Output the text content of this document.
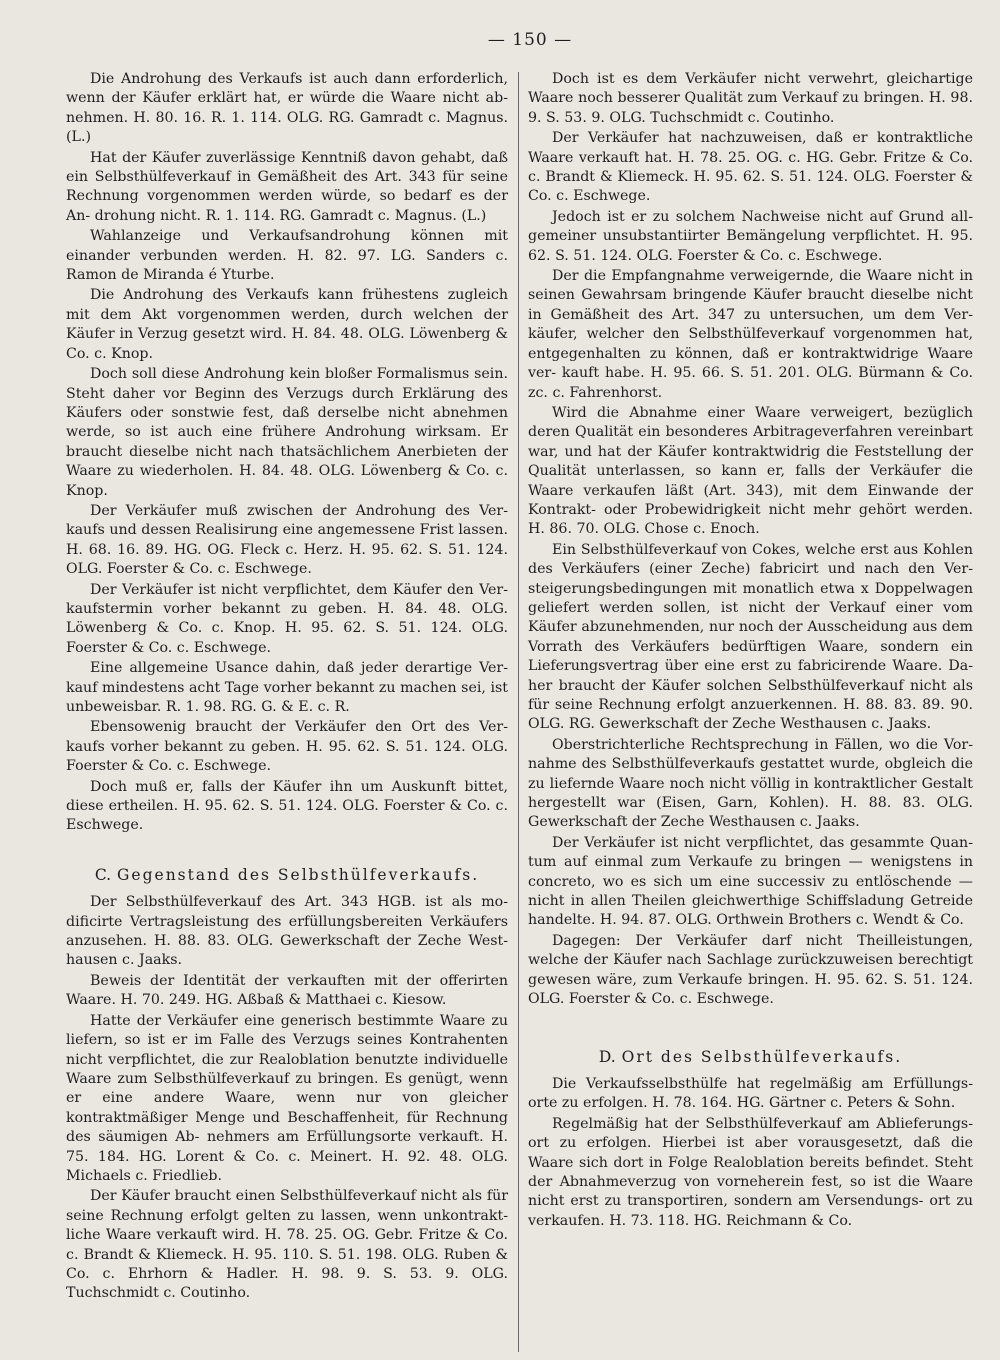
— 150 —

Die Androhung des Verkaufs ist auch dann erforderlich, wenn der Käufer erklärt hat, er würde die Waare nicht ab- nehmen. H. 80. 16. R. 1. 114. OLG. RG. Gamradt c. Magnus. (L.)

Hat der Käufer zuverlässige Kenntniß davon gehabt, daß ein Selbsthülfeverkauf in Gemäßheit des Art. 343 für seine Rechnung vorgenommen werden würde, so bedarf es der An- drohung nicht. R. 1. 114. RG. Gamradt c. Magnus. (L.)

Wahlanzeige und Verkaufsandrohung können mit einander verbunden werden. H. 82. 97. LG. Sanders c. Ramon de Miranda é Yturbe.

Die Androhung des Verkaufs kann frühestens zugleich mit dem Akt vorgenommen werden, durch welchen der Käufer in Verzug gesetzt wird. H. 84. 48. OLG. Löwenberg & Co. c. Knop.

Doch soll diese Androhung kein bloßer Formalismus sein. Steht daher vor Beginn des Verzugs durch Erklärung des Käufers oder sonstwie fest, daß derselbe nicht abnehmen werde, so ist auch eine frühere Androhung wirksam. Er braucht dieselbe nicht nach thatsächlichem Anerbieten der Waare zu wiederholen. H. 84. 48. OLG. Löwenberg & Co. c. Knop.

Der Verkäufer muß zwischen der Androhung des Ver- kaufs und dessen Realisirung eine angemessene Frist lassen. H. 68. 16. 89. HG. OG. Fleck c. Herz. H. 95. 62. S. 51. 124. OLG. Foerster & Co. c. Eschwege.

Der Verkäufer ist nicht verpflichtet, dem Käufer den Ver- kaufstermin vorher bekannt zu geben. H. 84. 48. OLG. Löwenberg & Co. c. Knop. H. 95. 62. S. 51. 124. OLG. Foerster & Co. c. Eschwege.

Eine allgemeine Usance dahin, daß jeder derartige Ver- kauf mindestens acht Tage vorher bekannt zu machen sei, ist unbeweisbar. R. 1. 98. RG. G. & E. c. R.

Ebensowenig braucht der Verkäufer den Ort des Ver- kaufs vorher bekannt zu geben. H. 95. 62. S. 51. 124. OLG. Foerster & Co. c. Eschwege.

Doch muß er, falls der Käufer ihn um Auskunft bittet, diese ertheilen. H. 95. 62. S. 51. 124. OLG. Foerster & Co. c. Eschwege.

C. Gegenstand des Selbsthülfeverkaufs.

Der Selbsthülfeverkauf des Art. 343 HGB. ist als mo- dificirte Vertragsleistung des erfüllungsbereiten Verkäufers anzusehen. H. 88. 83. OLG. Gewerkschaft der Zeche West- hausen c. Jaaks.

Beweis der Identität der verkauften mit der offerirten Waare. H. 70. 249. HG. Aßbaß & Matthaei c. Kiesow.

Hatte der Verkäufer eine generisch bestimmte Waare zu liefern, so ist er im Falle des Verzugs seines Kontrahenten nicht verpflichtet, die zur Realoblation benutzte individuelle Waare zum Selbsthülfeverkauf zu bringen. Es genügt, wenn er eine andere Waare, wenn nur von gleicher kontraktmäßiger Menge und Beschaffenheit, für Rechnung des säumigen Ab- nehmers am Erfüllungsorte verkauft. H. 75. 184. HG. Lorent & Co. c. Meinert. H. 92. 48. OLG. Michaels c. Friedlieb.

Der Käufer braucht einen Selbsthülfeverkauf nicht als für seine Rechnung erfolgt gelten zu lassen, wenn unkontrakt- liche Waare verkauft wird. H. 78. 25. OG. Gebr. Fritze & Co. c. Brandt & Kliemeck. H. 95. 110. S. 51. 198. OLG. Ruben & Co. c. Ehrhorn & Hadler. H. 98. 9. S. 53. 9. OLG. Tuchschmidt c. Coutinho.

Doch ist es dem Verkäufer nicht verwehrt, gleichartige Waare noch besserer Qualität zum Verkauf zu bringen. H. 98. 9. S. 53. 9. OLG. Tuchschmidt c. Coutinho.

Der Verkäufer hat nachzuweisen, daß er kontraktliche Waare verkauft hat. H. 78. 25. OG. c. HG. Gebr. Fritze & Co. c. Brandt & Kliemeck. H. 95. 62. S. 51. 124. OLG. Foerster & Co. c. Eschwege.

Jedoch ist er zu solchem Nachweise nicht auf Grund all- gemeiner unsubstantiirter Bemängelung verpflichtet. H. 95. 62. S. 51. 124. OLG. Foerster & Co. c. Eschwege.

Der die Empfangnahme verweigernde, die Waare nicht in seinen Gewahrsam bringende Käufer braucht dieselbe nicht in Gemäßheit des Art. 347 zu untersuchen, um dem Ver- käufer, welcher den Selbsthülfeverkauf vorgenommen hat, entgegenhalten zu können, daß er kontraktwidrige Waare ver- kauft habe. H. 95. 66. S. 51. 201. OLG. Bürmann & Co. zc. c. Fahrenhorst.

Wird die Abnahme einer Waare verweigert, bezüglich deren Qualität ein besonderes Arbitrageverfahren vereinbart war, und hat der Käufer kontraktwidrig die Feststellung der Qualität unterlassen, so kann er, falls der Verkäufer die Waare verkaufen läßt (Art. 343), mit dem Einwande der Kontrakt- oder Probewidrigkeit nicht mehr gehört werden. H. 86. 70. OLG. Chose c. Enoch.

Ein Selbsthülfeverkauf von Cokes, welche erst aus Kohlen des Verkäufers (einer Zeche) fabricirt und nach den Ver- steigerungsbedingungen mit monatlich etwa x Doppelwagen geliefert werden sollen, ist nicht der Verkauf einer vom Käufer abzunehmenden, nur noch der Ausscheidung aus dem Vorrath des Verkäufers bedürftigen Waare, sondern ein Lieferungsvertrag über eine erst zu fabricirende Waare. Da- her braucht der Käufer solchen Selbsthülfeverkauf nicht als für seine Rechnung erfolgt anzuerkennen. H. 88. 83. 89. 90. OLG. RG. Gewerkschaft der Zeche Westhausen c. Jaaks.

Oberstrichterliche Rechtsprechung in Fällen, wo die Vor- nahme des Selbsthülfeverkaufs gestattet wurde, obgleich die zu liefernde Waare noch nicht völlig in kontraktlicher Gestalt hergestellt war (Eisen, Garn, Kohlen). H. 88. 83. OLG. Gewerkschaft der Zeche Westhausen c. Jaaks.

Der Verkäufer ist nicht verpflichtet, das gesammte Quan- tum auf einmal zum Verkaufe zu bringen — wenigstens in concreto, wo es sich um eine successiv zu entlöschende — nicht in allen Theilen gleichwerthige Schiffsladung Getreide handelte. H. 94. 87. OLG. Orthwein Brothers c. Wendt & Co.

Dagegen: Der Verkäufer darf nicht Theilleistungen, welche der Käufer nach Sachlage zurückzuweisen berechtigt gewesen wäre, zum Verkaufe bringen. H. 95. 62. S. 51. 124. OLG. Foerster & Co. c. Eschwege.

D. Ort des Selbsthülfeverkaufs.

Die Verkaufsselbsthülfe hat regelmäßig am Erfüllungs- orte zu erfolgen. H. 78. 164. HG. Gärtner c. Peters & Sohn.

Regelmäßig hat der Selbsthülfeverkauf am Ablieferungs- ort zu erfolgen. Hierbei ist aber vorausgesetzt, daß die Waare sich dort in Folge Realoblation bereits befindet. Steht der Abnahmeverzug von vorneherein fest, so ist die Waare nicht erst zu transportiren, sondern am Versendungs- ort zu verkaufen. H. 73. 118. HG. Reichmann & Co.
